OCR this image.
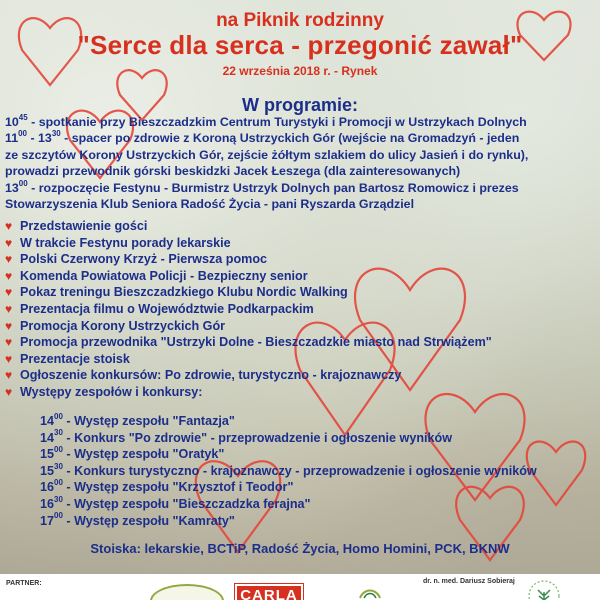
na Piknik rodzinny
"Serce dla serca - przegonić zawał"
22 września 2018 r. - Rynek
W programie:

$10^{45}$ - spotkanie przy Bieszczadzkim Centrum Turystyki i Promocji w Ustrzykach Dolnych

$11^{00} - 13^{30}$ - spacer po zdrowie z Koroną Ustrzyckich Gór (wejście na Gromadzyń - jeden

ze szczytów Korony Ustrzyckich Gór, zejście żółtym szlakiem do ulicy Jasień i do rynku),

prowadzi przewodnik górski beskidzki Jacek Łeszega (dla zainteresowanych)

$13^{00}$ - rozpoczęcie Festynu - Burmistrz Ustrzyk Dolnych pan Bartosz Romowicz i prezes

Stowarzyszenia Klub Seniora Radość Życia - pani Ryszarda Grządziel

♥ Przedstawienie gości
♥ W trakcie Festynu porady lekarskie
♥ Polski Czerwony Krzyż - Pierwsza pomoc
♥ Komenda Powiatowa Policji - Bezpieczny senior
♥ Pokaz treningu Bieszczadzkiego Klubu Nordic Walking
♥ Prezentacja filmu o Województwie Podkarpackim
♥ Promocja Korony Ustrzyckich Gór
♥ Promocja przewodnika "Ustrzyki Dolne - Bieszczadzkie miasto nad Strwiążem"
♥ Prezentacje stoisk
♥ Ogłoszenie konkursów: Po zdrowie, turystyczno - krajoznawczy
♥ Występy zespołów i konkursy:
$14^{00}$ - Występ zespołu "Fantazja"
$14^{30}$ - Konkurs "Po zdrowie" - przeprowadzenie i ogłoszenie wyników
$15^{00}$ - Występ zespołu "Oratyk"
$15^{30}$ - Konkurs turystyczno - krajoznawczy - przeprowadzenie i ogłoszenie wyników
$16^{00}$ - Występ zespołu "Krzysztof i Teodor"
$16^{30}$ - Występ zespołu "Bieszczadzka ferajna"
$17^{00}$ - Występ zespołu "Kamraty"
Stoiska: lekarskie, BCTiP, Radość Życia, Homo Homini, PCK, BKNW
PARTNER:
CARLA
dr. n. med. Dariusz Sobieraj
